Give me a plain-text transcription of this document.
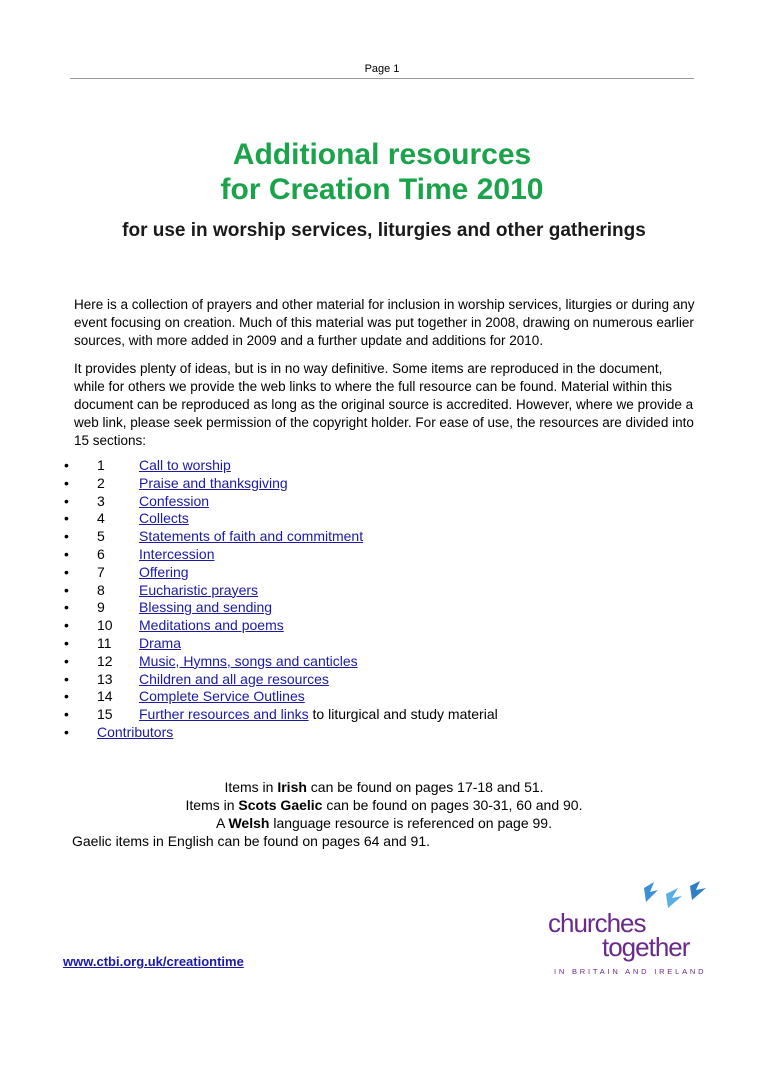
Page 1
Additional resources
for Creation Time 2010
for use in worship services, liturgies and other gatherings
Here is a collection of prayers and other material for inclusion in worship services, liturgies or during any event focusing on creation. Much of this material was put together in 2008, drawing on numerous earlier sources, with more added in 2009 and a further update and additions for 2010.
It provides plenty of ideas, but is in no way definitive. Some items are reproduced in the document, while for others we provide the web links to where the full resource can be found. Material within this document can be reproduced as long as the original source is accredited. However, where we provide a web link, please seek permission of the copyright holder. For ease of use, the resources are divided into 15 sections:
• 1 Call to worship
• 2 Praise and thanksgiving
• 3 Confession
• 4 Collects
• 5 Statements of faith and commitment
• 6 Intercession
• 7 Offering
• 8 Eucharistic prayers
• 9 Blessing and sending
• 10 Meditations and poems
• 11 Drama
• 12 Music, Hymns, songs and canticles
• 13 Children and all age resources
• 14 Complete Service Outlines
• 15 Further resources and links to liturgical and study material
• Contributors
Items in Irish can be found on pages 17-18 and 51.
Items in Scots Gaelic can be found on pages 30-31, 60 and 90.
A Welsh language resource is referenced on page 99.
Gaelic items in English can be found on pages 64 and 91.
www.ctbi.org.uk/creationtime
churches
together
IN BRITAIN AND IRELAND
